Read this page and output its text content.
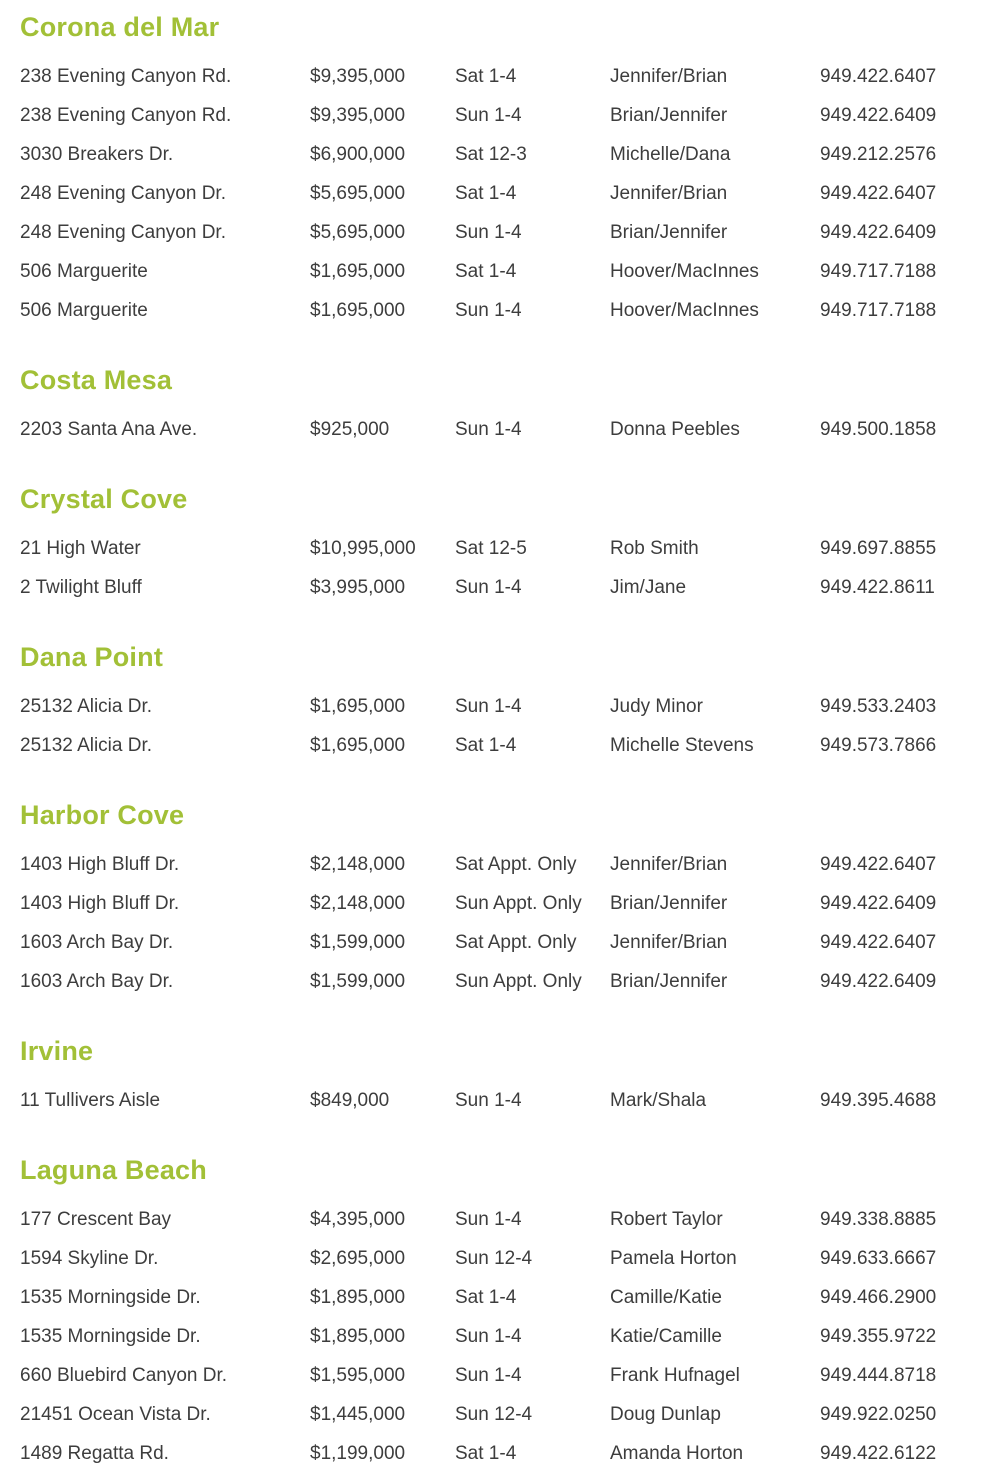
Corona del Mar
238 Evening Canyon Rd.	$9,395,000	Sat 1-4	Jennifer/Brian	949.422.6407
238 Evening Canyon Rd.	$9,395,000	Sun 1-4	Brian/Jennifer	949.422.6409
3030 Breakers Dr.	$6,900,000	Sat 12-3	Michelle/Dana	949.212.2576
248 Evening Canyon Dr.	$5,695,000	Sat 1-4	Jennifer/Brian	949.422.6407
248 Evening Canyon Dr.	$5,695,000	Sun 1-4	Brian/Jennifer	949.422.6409
506 Marguerite	$1,695,000	Sat 1-4	Hoover/MacInnes	949.717.7188
506 Marguerite	$1,695,000	Sun 1-4	Hoover/MacInnes	949.717.7188
Costa Mesa
2203 Santa Ana Ave.	$925,000	Sun 1-4	Donna Peebles	949.500.1858
Crystal Cove
21 High Water	$10,995,000	Sat 12-5	Rob Smith	949.697.8855
2 Twilight Bluff	$3,995,000	Sun 1-4	Jim/Jane	949.422.8611
Dana Point
25132 Alicia Dr.	$1,695,000	Sun 1-4	Judy Minor	949.533.2403
25132 Alicia Dr.	$1,695,000	Sat 1-4	Michelle Stevens	949.573.7866
Harbor Cove
1403 High Bluff Dr.	$2,148,000	Sat Appt. Only	Jennifer/Brian	949.422.6407
1403 High Bluff Dr.	$2,148,000	Sun Appt. Only	Brian/Jennifer	949.422.6409
1603 Arch Bay Dr.	$1,599,000	Sat Appt. Only	Jennifer/Brian	949.422.6407
1603 Arch Bay Dr.	$1,599,000	Sun Appt. Only	Brian/Jennifer	949.422.6409
Irvine
11 Tullivers Aisle	$849,000	Sun 1-4	Mark/Shala	949.395.4688
Laguna Beach
177 Crescent Bay	$4,395,000	Sun 1-4	Robert Taylor	949.338.8885
1594 Skyline Dr.	$2,695,000	Sun 12-4	Pamela Horton	949.633.6667
1535 Morningside Dr.	$1,895,000	Sat 1-4	Camille/Katie	949.466.2900
1535 Morningside Dr.	$1,895,000	Sun 1-4	Katie/Camille	949.355.9722
660 Bluebird Canyon Dr.	$1,595,000	Sun 1-4	Frank Hufnagel	949.444.8718
21451 Ocean Vista Dr.	$1,445,000	Sun 12-4	Doug Dunlap	949.922.0250
1489 Regatta Rd.	$1,199,000	Sat 1-4	Amanda Horton	949.422.6122
